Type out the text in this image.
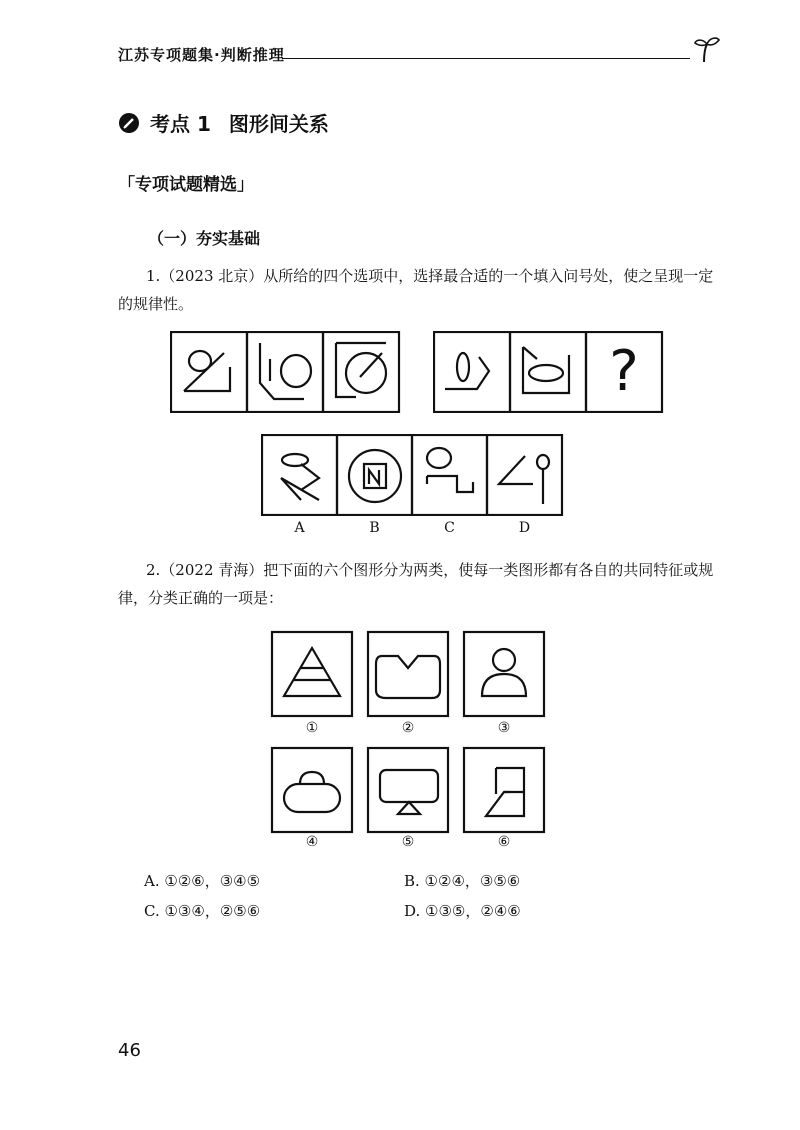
江苏专项题集·判断推理
考点 1 图形间关系
「专项试题精选」
（一）夯实基础
1.（2023 北京）从所给的四个选项中，选择最合适的一个填入问号处，使之呈现一定的规律性。
?
A	B	C	D
2.（2022 青海）把下面的六个图形分为两类，使每一类图形都有各自的共同特征或规律，分类正确的一项是：
①	②	③
④	⑤	⑥
A. ①②⑥，③④⑤	B. ①②④，③⑤⑥
C. ①③④，②⑤⑥	D. ①③⑤，②④⑥
46
